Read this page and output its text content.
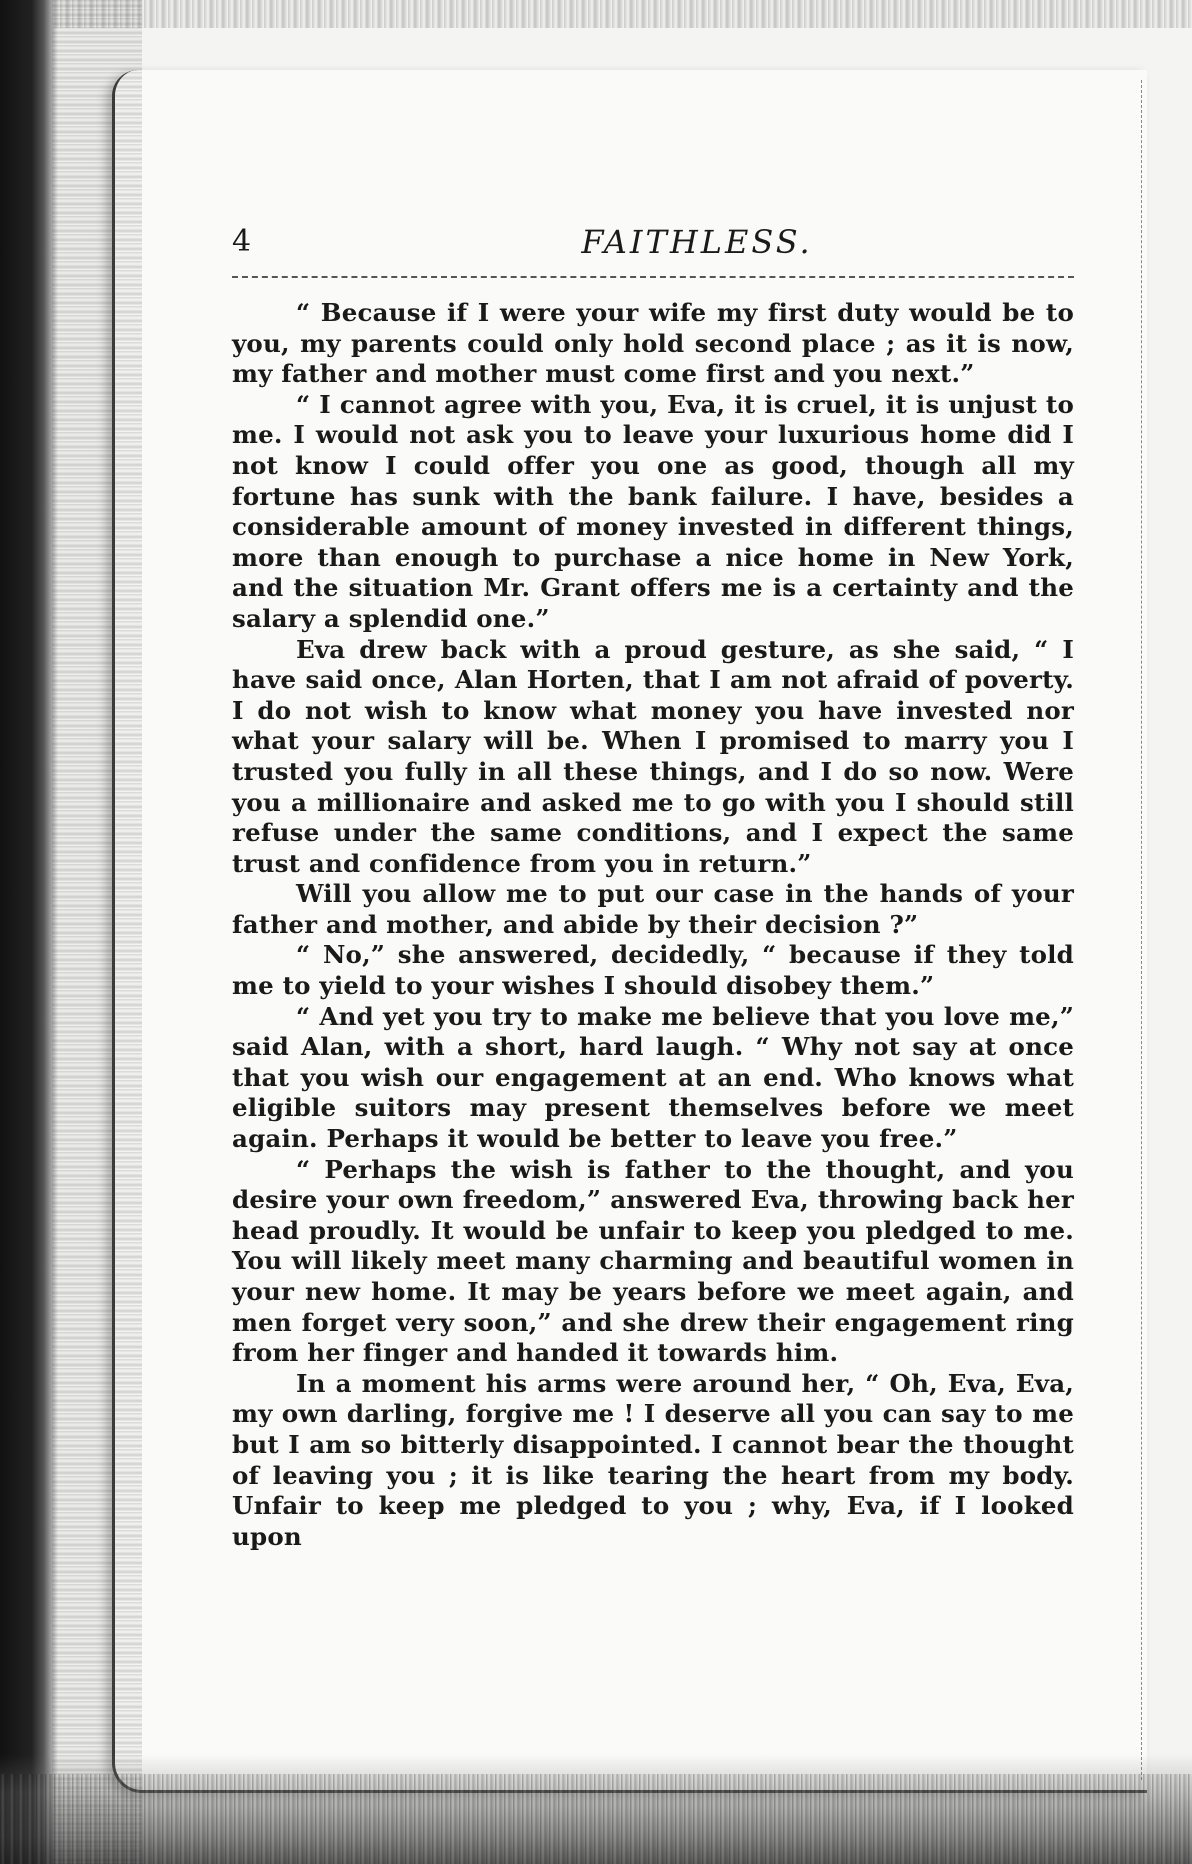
4	FAITHLESS.

“ Because if I were your wife my first duty would be to you, my parents could only hold second place ; as it is now, my father and mother must come first and you next.”

“ I cannot agree with you, Eva, it is cruel, it is unjust to me. I would not ask you to leave your luxurious home did I not know I could offer you one as good, though all my fortune has sunk with the bank failure. I have, besides a considerable amount of money invested in different things, more than enough to purchase a nice home in New York, and the situation Mr. Grant offers me is a certainty and the salary a splendid one.”

Eva drew back with a proud gesture, as she said, “ I have said once, Alan Horten, that I am not afraid of poverty. I do not wish to know what money you have invested nor what your salary will be. When I promised to marry you I trusted you fully in all these things, and I do so now. Were you a millionaire and asked me to go with you I should still refuse under the same conditions, and I expect the same trust and confidence from you in return.”

Will you allow me to put our case in the hands of your father and mother, and abide by their decision ?”

“ No,” she answered, decidedly, “ because if they told me to yield to your wishes I should disobey them.”

“ And yet you try to make me believe that you love me,” said Alan, with a short, hard laugh. “ Why not say at once that you wish our engagement at an end. Who knows what eligible suitors may present themselves before we meet again. Perhaps it would be better to leave you free.”

“ Perhaps the wish is father to the thought, and you desire your own freedom,” answered Eva, throwing back her head proudly. It would be unfair to keep you pledged to me. You will likely meet many charming and beautiful women in your new home. It may be years before we meet again, and men forget very soon,” and she drew their engagement ring from her finger and handed it towards him.

In a moment his arms were around her, “ Oh, Eva, Eva, my own darling, forgive me ! I deserve all you can say to me but I am so bitterly disappointed. I cannot bear the thought of leaving you ; it is like tearing the heart from my body. Unfair to keep me pledged to you ; why, Eva, if I looked upon
